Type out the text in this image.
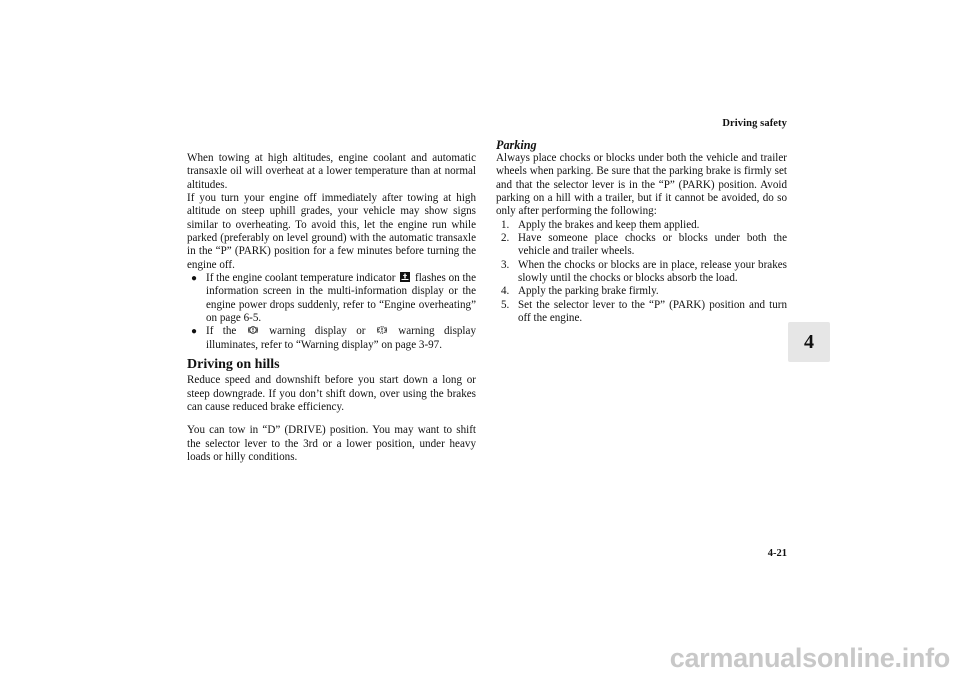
Driving safety
4
4-21

When towing at high altitudes, engine coolant and automatic transaxle oil will overheat at a lower temperature than at normal altitudes.

If you turn your engine off immediately after towing at high altitude on steep uphill grades, your vehicle may show signs similar to overheating. To avoid this, let the engine run while parked (preferably on level ground) with the automatic transaxle in the “P” (PARK) position for a few minutes before turning the engine off.

● If the engine coolant temperature indicator flashes on the information screen in the multi-information display or the engine power drops suddenly, refer to “Engine overheating” on page 6-5.
● If the	warning display or	warning display illuminates, refer to “Warning display” on page 3-97.
Driving on hills

Reduce speed and downshift before you start down a long or steep downgrade. If you don’t shift down, over using the brakes can cause reduced brake efficiency.

You can tow in “D” (DRIVE) position. You may want to shift the selector lever to the 3rd or a lower position, under heavy loads or hilly conditions.

Parking

Always place chocks or blocks under both the vehicle and trailer wheels when parking. Be sure that the parking brake is firmly set and that the selector lever is in the “P” (PARK) position. Avoid parking on a hill with a trailer, but if it cannot be avoided, do so only after performing the following:

1. Apply the brakes and keep them applied.
2. Have someone place chocks or blocks under both the vehicle and trailer wheels.
3. When the chocks or blocks are in place, release your brakes slowly until the chocks or blocks absorb the load.
4. Apply the parking brake firmly.
5. Set the selector lever to the “P” (PARK) position and turn off the engine.
carmanualsonline.info
